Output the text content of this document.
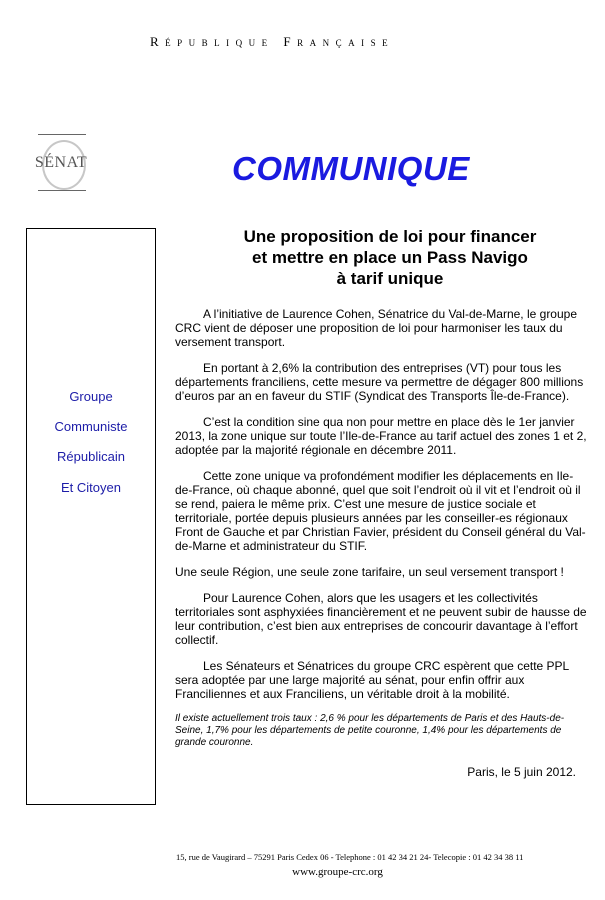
République Française
SÉNAT	COMMUNIQUE
Groupe
Communiste
Républicain
Et Citoyen
Une proposition de loi pour financer
et mettre en place un Pass Navigo
à tarif unique

A l’initiative de Laurence Cohen, Sénatrice du Val-de-Marne, le groupe CRC vient de déposer une proposition de loi pour harmoniser les taux du versement transport.

En portant à 2,6% la contribution des entreprises (VT) pour tous les départements franciliens, cette mesure va permettre de dégager 800 millions d’euros par an en faveur du STIF (Syndicat des Transports Île-de-France).

C’est la condition sine qua non pour mettre en place dès le 1er janvier 2013, la zone unique sur toute l’Ile-de-France au tarif actuel des zones 1 et 2, adoptée par la majorité régionale en décembre 2011.

Cette zone unique va profondément modifier les déplacements en Ile-de-France, où chaque abonné, quel que soit l’endroit où il vit et l’endroit où il se rend, paiera le même prix. C’est une mesure de justice sociale et territoriale, portée depuis plusieurs années par les conseiller-es régionaux Front de Gauche et par Christian Favier, président du Conseil général du Val-de-Marne et administrateur du STIF.

Une seule Région, une seule zone tarifaire, un seul versement transport !

Pour Laurence Cohen, alors que les usagers et les collectivités territoriales sont asphyxiées financièrement et ne peuvent subir de hausse de leur contribution, c’est bien aux entreprises de concourir davantage à l’effort collectif.

Les Sénateurs et Sénatrices du groupe CRC espèrent que cette PPL sera adoptée par une large majorité au sénat, pour enfin offrir aux Franciliennes et aux Franciliens, un véritable droit à la mobilité.

Il existe actuellement trois taux : 2,6 % pour les départements de Paris et des Hauts-de-Seine, 1,7% pour les départements de petite couronne, 1,4% pour les départements de grande couronne.

Paris, le 5 juin 2012.

15, rue de Vaugirard – 75291 Paris Cedex 06 - Telephone : 01 42 34 21 24- Telecopie : 01 42 34 38 11
www.groupe-crc.org
